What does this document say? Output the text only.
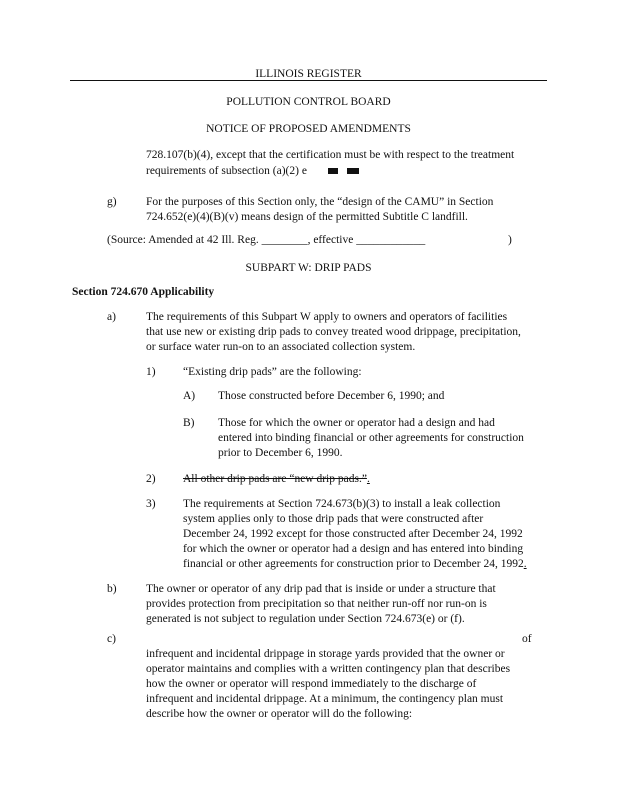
ILLINOIS REGISTER
POLLUTION CONTROL BOARD
NOTICE OF PROPOSED AMENDMENTS
728.107(b)(4), except that the certification must be with respect to the treatment
requirements of subsection (a)(2) e
g)	For the purposes of this Section only, the “design of the CAMU” in Section
724.652(e)(4)(B)(v) means design of the permitted Subtitle C landfill.
(Source: Amended at 42 Ill. Reg. ________, effective ____________	)
SUBPART W: DRIP PADS
Section 724.670 Applicability
a)	The requirements of this Subpart W apply to owners and operators of facilities
that use new or existing drip pads to convey treated wood drippage, precipitation,
or surface water run-on to an associated collection system.
1) “Existing drip pads” are the following:
A) Those constructed before December 6, 1990; and
B) Those for which the owner or operator had a design and had
entered into binding financial or other agreements for construction
prior to December 6, 1990.
2) All other drip pads are “new drip pads.”.
3) The requirements at Section 724.673(b)(3) to install a leak collection
system applies only to those drip pads that were constructed after
December 24, 1992 except for those constructed after December 24, 1992
for which the owner or operator had a design and has entered into binding
financial or other agreements for construction prior to December 24, 1992.
b)	The owner or operator of any drip pad that is inside or under a structure that
provides protection from precipitation so that neither run-off nor run-on is
generated is not subject to regulation under Section 724.673(e) or (f).
c)	of
infrequent and incidental drippage in storage yards provided that the owner or
operator maintains and complies with a written contingency plan that describes
how the owner or operator will respond immediately to the discharge of
infrequent and incidental drippage. At a minimum, the contingency plan must
describe how the owner or operator will do the following:
